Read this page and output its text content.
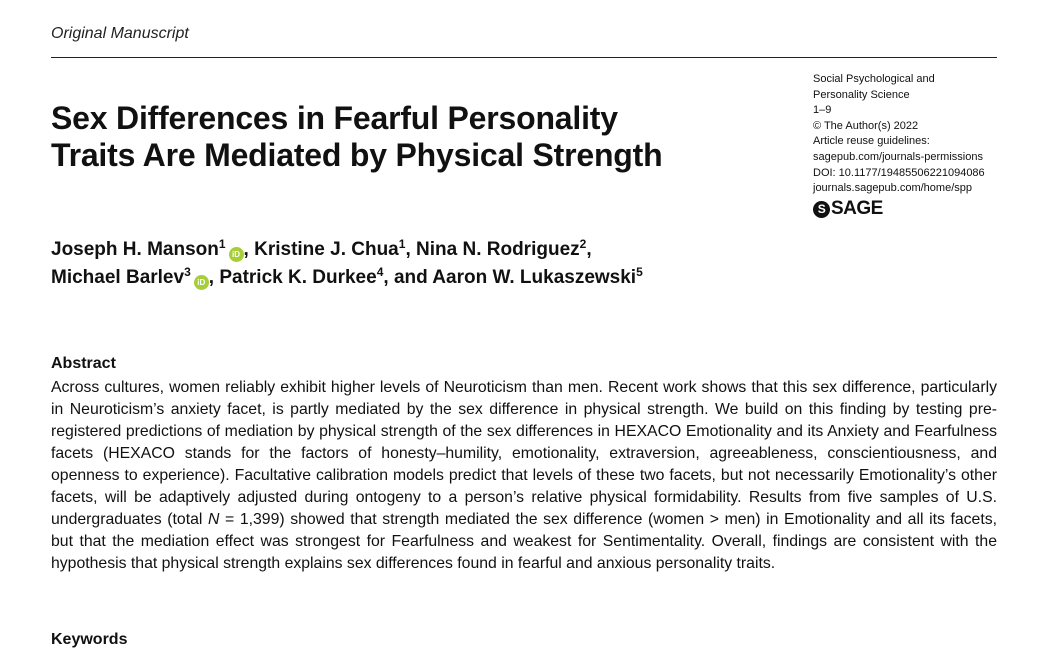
Original Manuscript
Sex Differences in Fearful Personality
Traits Are Mediated by Physical Strength
Social Psychological and
Personality Science
1–9
© The Author(s) 2022
Article reuse guidelines:
sagepub.com/journals-permissions
DOI: 10.1177/19485506221094086
journals.sagepub.com/home/spp
S SAGE
Joseph H. Manson$^1$iD , Kristine J. Chua$^1$, Nina N. Rodriguez$^2$,
Michael Barlev$^3$iD , Patrick K. Durkee$^4$, and Aaron W. Lukaszewski$^5$
Abstract

Across cultures, women reliably exhibit higher levels of Neuroticism than men. Recent work shows that this sex difference, particularly in Neuroticism’s anxiety facet, is partly mediated by the sex difference in physical strength. We build on this finding by testing pre-registered predictions of mediation by physical strength of the sex differences in HEXACO Emotionality and its Anxiety and Fearfulness facets (HEXACO stands for the factors of honesty–humility, emotionality, extraversion, agreeableness, conscientiousness, and openness to experience). Facultative calibration models predict that levels of these two facets, but not necessarily Emotionality’s other facets, will be adaptively adjusted during ontogeny to a person’s relative physical formidability. Results from five samples of U.S. undergraduates (total N = 1,399) showed that strength mediated the sex difference (women > men) in Emotionality and all its facets, but that the mediation effect was strongest for Fearfulness and weakest for Sentimentality. Overall, findings are consistent with the hypothesis that physical strength explains sex differences found in fearful and anxious personality traits.

Keywords
